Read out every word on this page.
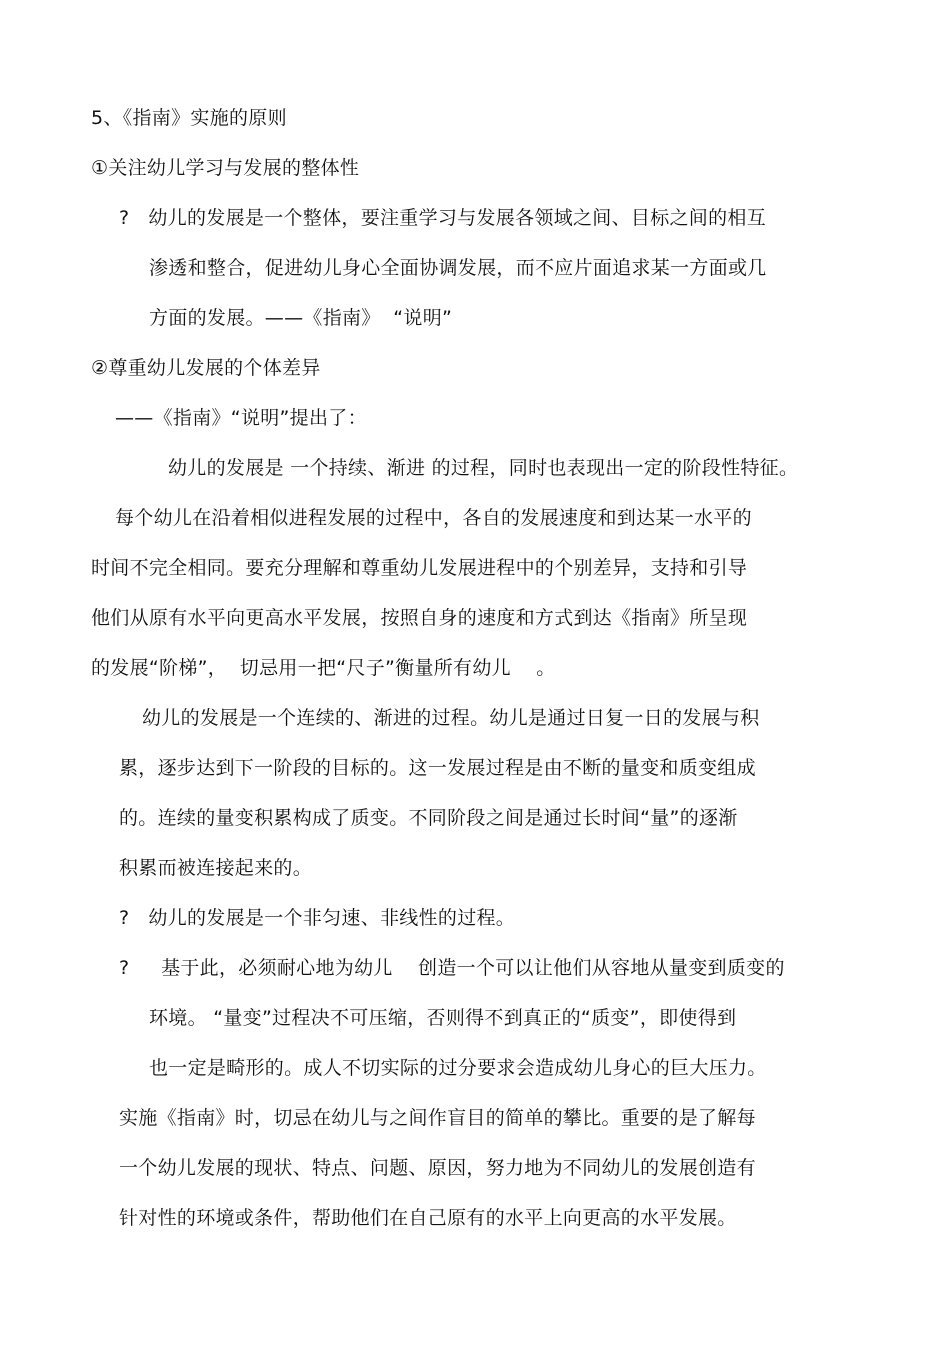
5、《指南》实施的原则
①关注幼儿学习与发展的整体性
?   幼儿的发展是一个整体，要注重学习与发展各领域之间、目标之间的相互
渗透和整合，促进幼儿身心全面协调发展，而不应片面追求某一方面或几
方面的发展。——《指南》  “说明”
②尊重幼儿发展的个体差异
——《指南》“说明”提出了：
幼儿的发展是 一个持续、渐进 的过程，同时也表现出一定的阶段性特征。
每个幼儿在沿着相似进程发展的过程中，各自的发展速度和到达某一水平的
时间不完全相同。要充分理解和尊重幼儿发展进程中的个别差异，支持和引导
他们从原有水平向更高水平发展，按照自身的速度和方式到达《指南》所呈现
的发展“阶梯”，  切忌用一把“尺子”衡量所有幼儿    。
幼儿的发展是一个连续的、渐进的过程。幼儿是通过日复一日的发展与积
累，逐步达到下一阶段的目标的。这一发展过程是由不断的量变和质变组成
的。连续的量变积累构成了质变。不同阶段之间是通过长时间“量”的逐渐
积累而被连接起来的。
?   幼儿的发展是一个非匀速、非线性的过程。
?     基于此，必须耐心地为幼儿    创造一个可以让他们从容地从量变到质变的
环境。 “量变”过程决不可压缩，否则得不到真正的“质变”，即使得到
也一定是畸形的。成人不切实际的过分要求会造成幼儿身心的巨大压力。
实施《指南》时，切忌在幼儿与之间作盲目的简单的攀比。重要的是了解每
一个幼儿发展的现状、特点、问题、原因，努力地为不同幼儿的发展创造有
针对性的环境或条件，帮助他们在自己原有的水平上向更高的水平发展。
